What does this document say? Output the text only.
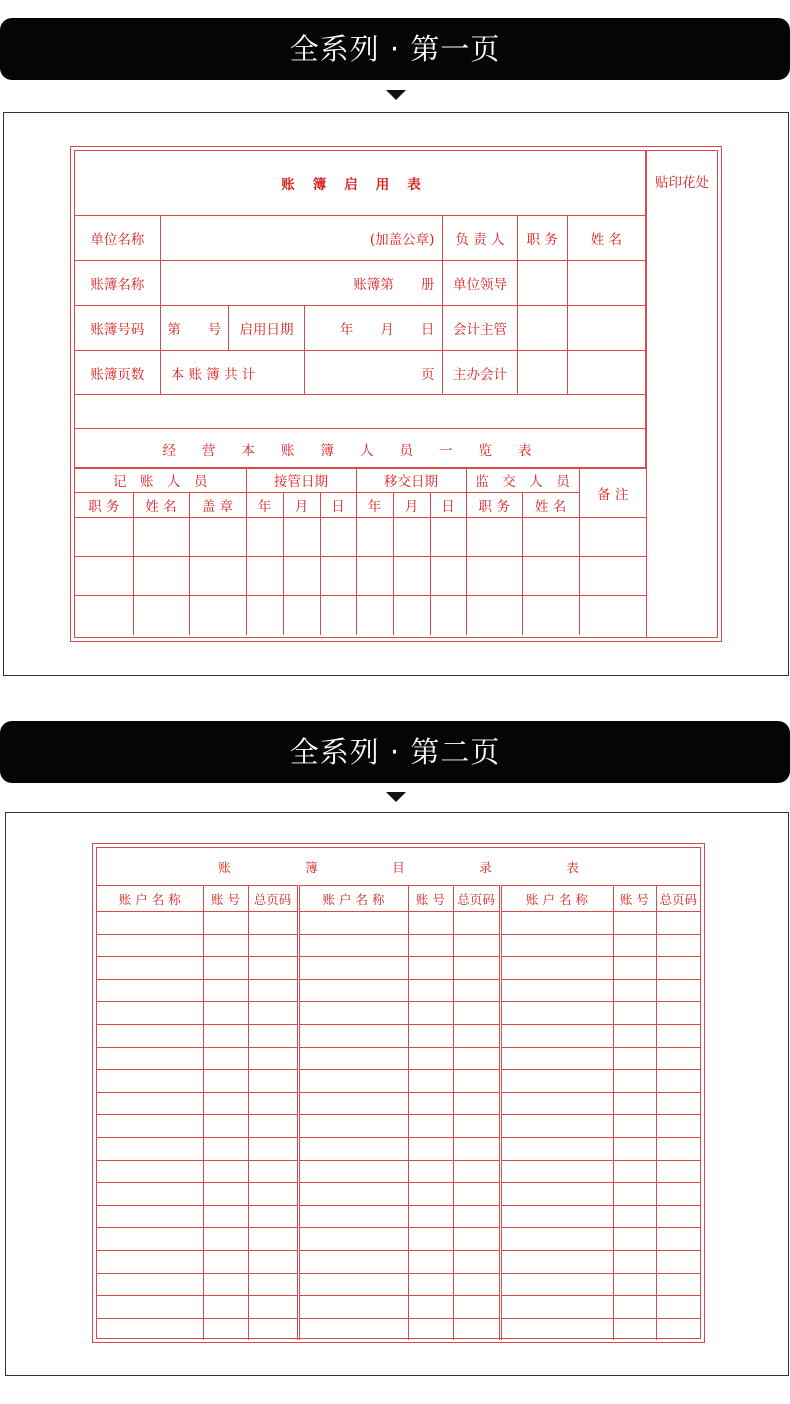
全系列 · 第一页
账簿启用表						
单位名称	(加盖公章)			负 责 人	职 务	姓 名
账簿名称	账簿第　　册			单位领导		
账簿号码	第　　号	启用日期	年　　月　　日	会计主管		
账簿页数	本 账 簿 共 计		页	主办会计		

经营本账簿人员一览表						
记　账　人　员			接管日期			移交日期			监　交　人　员		备 注
职 务	姓 名	盖 章	年	月	日	年	月	日	职 务	姓 名	

贴印花处
全系列 · 第二页
账 簿 目 录 表								
账 户 名 称	账 号	总页码	账 户 名 称	账 号	总页码	账 户 名 称	账 号	总页码
